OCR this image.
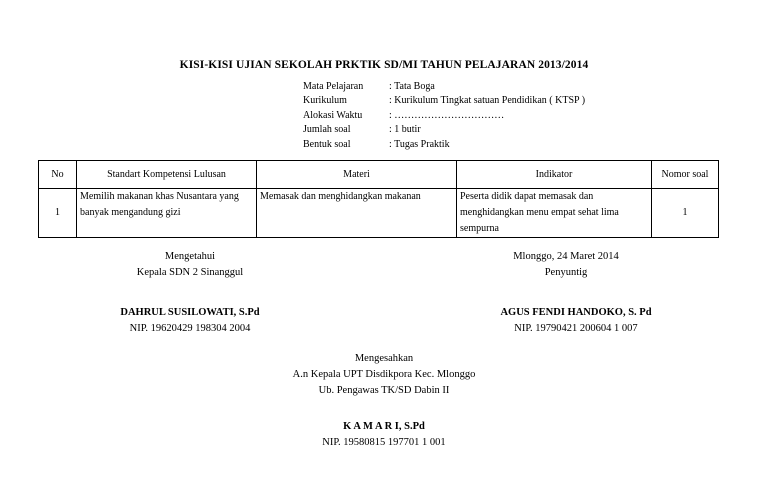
KISI-KISI UJIAN SEKOLAH PRKTIK SD/MI TAHUN PELAJARAN 2013/2014
Mata Pelajaran	: Tata Boga
Kurikulum	: Kurikulum Tingkat satuan Pendidikan ( KTSP )
Alokasi Waktu	: ……………………………
Jumlah soal	: 1 butir
Bentuk soal	: Tugas Praktik
No	Standart Kompetensi Lulusan	Materi	Indikator	Nomor soal
1	Memilih makanan khas Nusantara yang banyak mengandung gizi	Memasak dan menghidangkan makanan	Peserta didik dapat memasak dan menghidangkan menu empat sehat lima sempurna	1
Mengetahui
Kepala SDN 2 Sinanggul
DAHRUL SUSILOWATI, S.Pd
NIP. 19620429 198304 2004
Mlonggo, 24 Maret 2014
Penyuntig
AGUS FENDI HANDOKO, S. Pd
NIP. 19790421 200604 1 007
Mengesahkan
A.n Kepala UPT Disdikpora Kec. Mlonggo
Ub. Pengawas TK/SD Dabin II
K A M A R I, S.Pd
NIP. 19580815 197701 1 001
